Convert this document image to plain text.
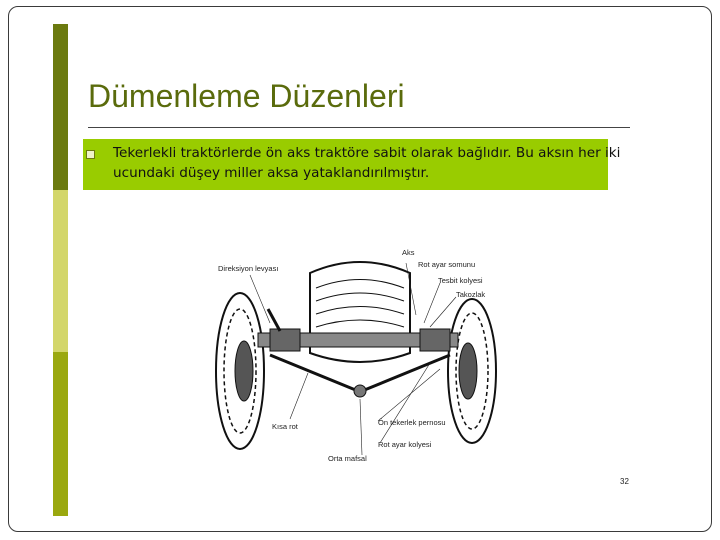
Dümenleme Düzenleri
Tekerlekli traktörlerde ön aks traktöre sabit olarak bağlıdır. Bu aksın her iki ucundaki düşey miller aksa yataklandırılmıştır.
Direksiyon levyası
Aks
Rot ayar somunu
Tesbit kolyesi
Takozlak
Kısa rot	Ön tekerlek pernosu
Rot ayar kolyesi
Orta mafsal
32
